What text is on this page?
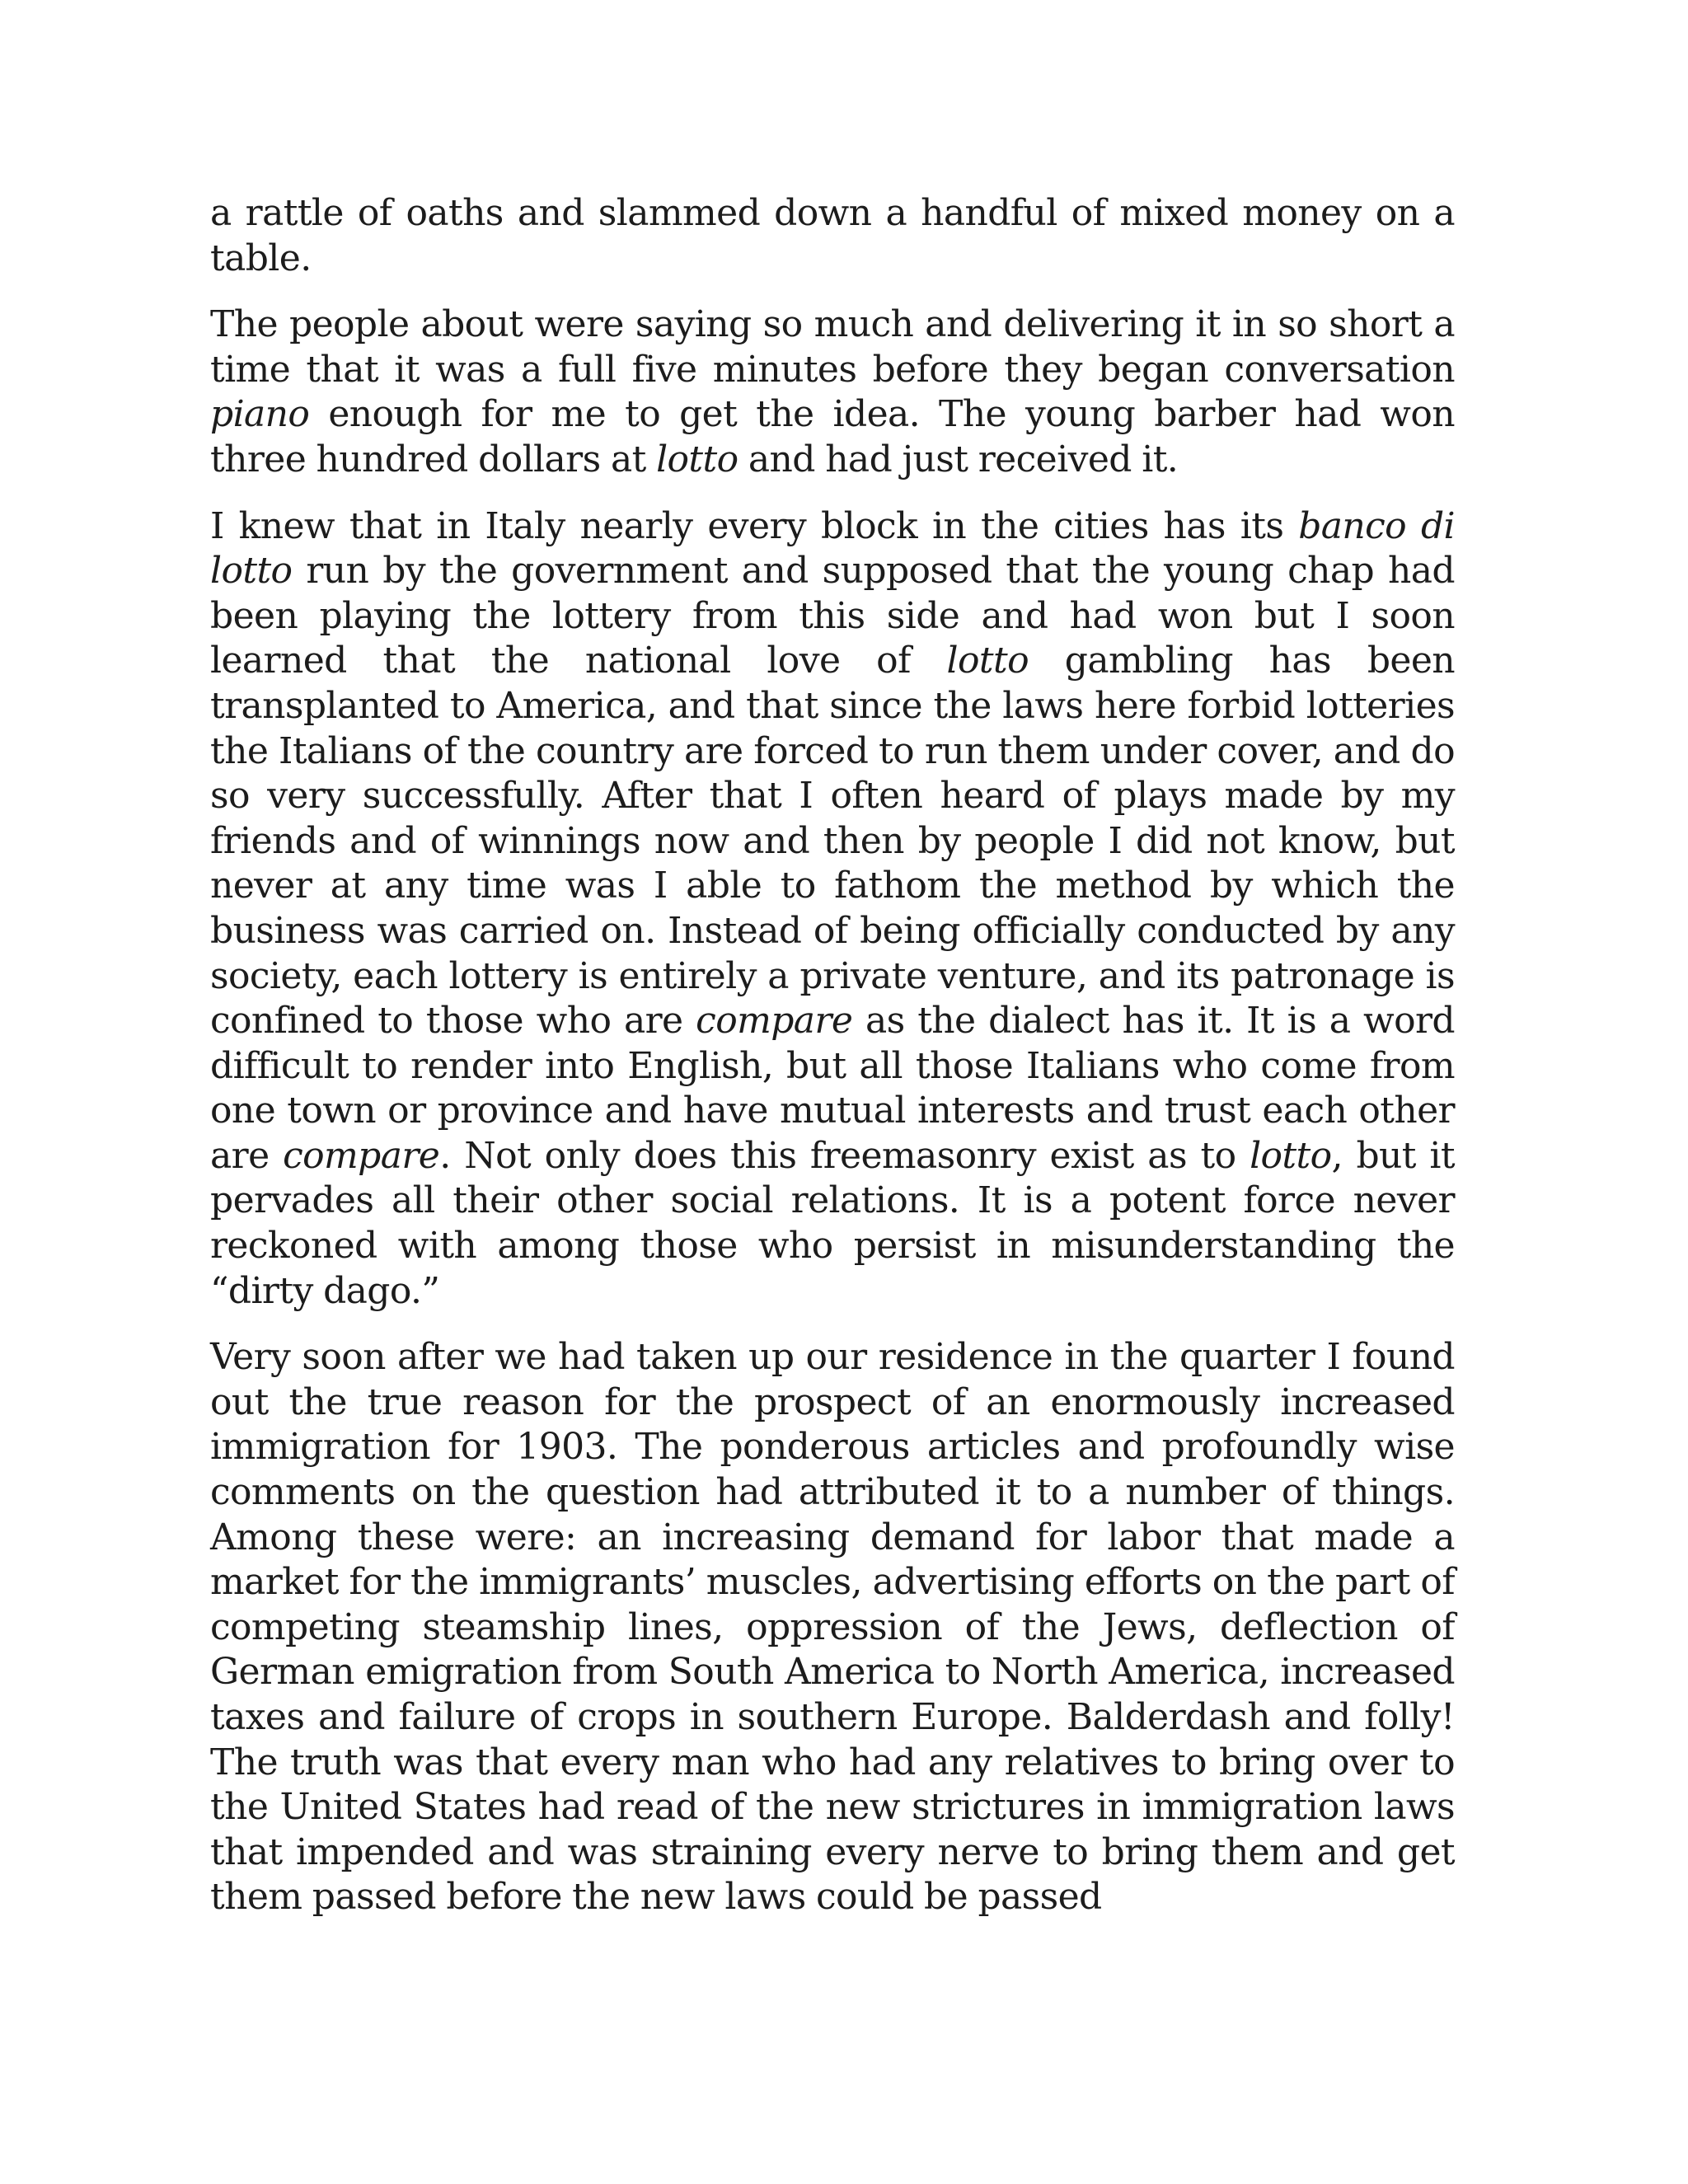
a rattle of oaths and slammed down a handful of mixed money on a table.

The people about were saying so much and delivering it in so short a time that it was a full five minutes before they began conversation piano enough for me to get the idea. The young barber had won three hundred dollars at lotto and had just received it.

I knew that in Italy nearly every block in the cities has its banco di lotto run by the government and supposed that the young chap had been playing the lottery from this side and had won but I soon learned that the national love of lotto gambling has been transplanted to America, and that since the laws here forbid lotteries the Italians of the country are forced to run them under cover, and do so very successfully. After that I often heard of plays made by my friends and of winnings now and then by people I did not know, but never at any time was I able to fathom the method by which the business was carried on. Instead of being officially conducted by any society, each lottery is entirely a private venture, and its patronage is confined to those who are compare as the dialect has it. It is a word difficult to render into English, but all those Italians who come from one town or province and have mutual interests and trust each other are compare. Not only does this freemasonry exist as to lotto, but it pervades all their other social relations. It is a potent force never reckoned with among those who persist in misunderstanding the “dirty dago.”

Very soon after we had taken up our residence in the quarter I found out the true reason for the prospect of an enormously increased immigration for 1903. The ponderous articles and profoundly wise comments on the question had attributed it to a number of things. Among these were: an increasing demand for labor that made a market for the immigrants’ muscles, advertising efforts on the part of competing steamship lines, oppression of the Jews, deflection of German emigration from South America to North America, increased taxes and failure of crops in southern Europe. Balderdash and folly! The truth was that every man who had any relatives to bring over to the United States had read of the new strictures in immigration laws that impended and was straining every nerve to bring them and get them passed before the new laws could be passed
